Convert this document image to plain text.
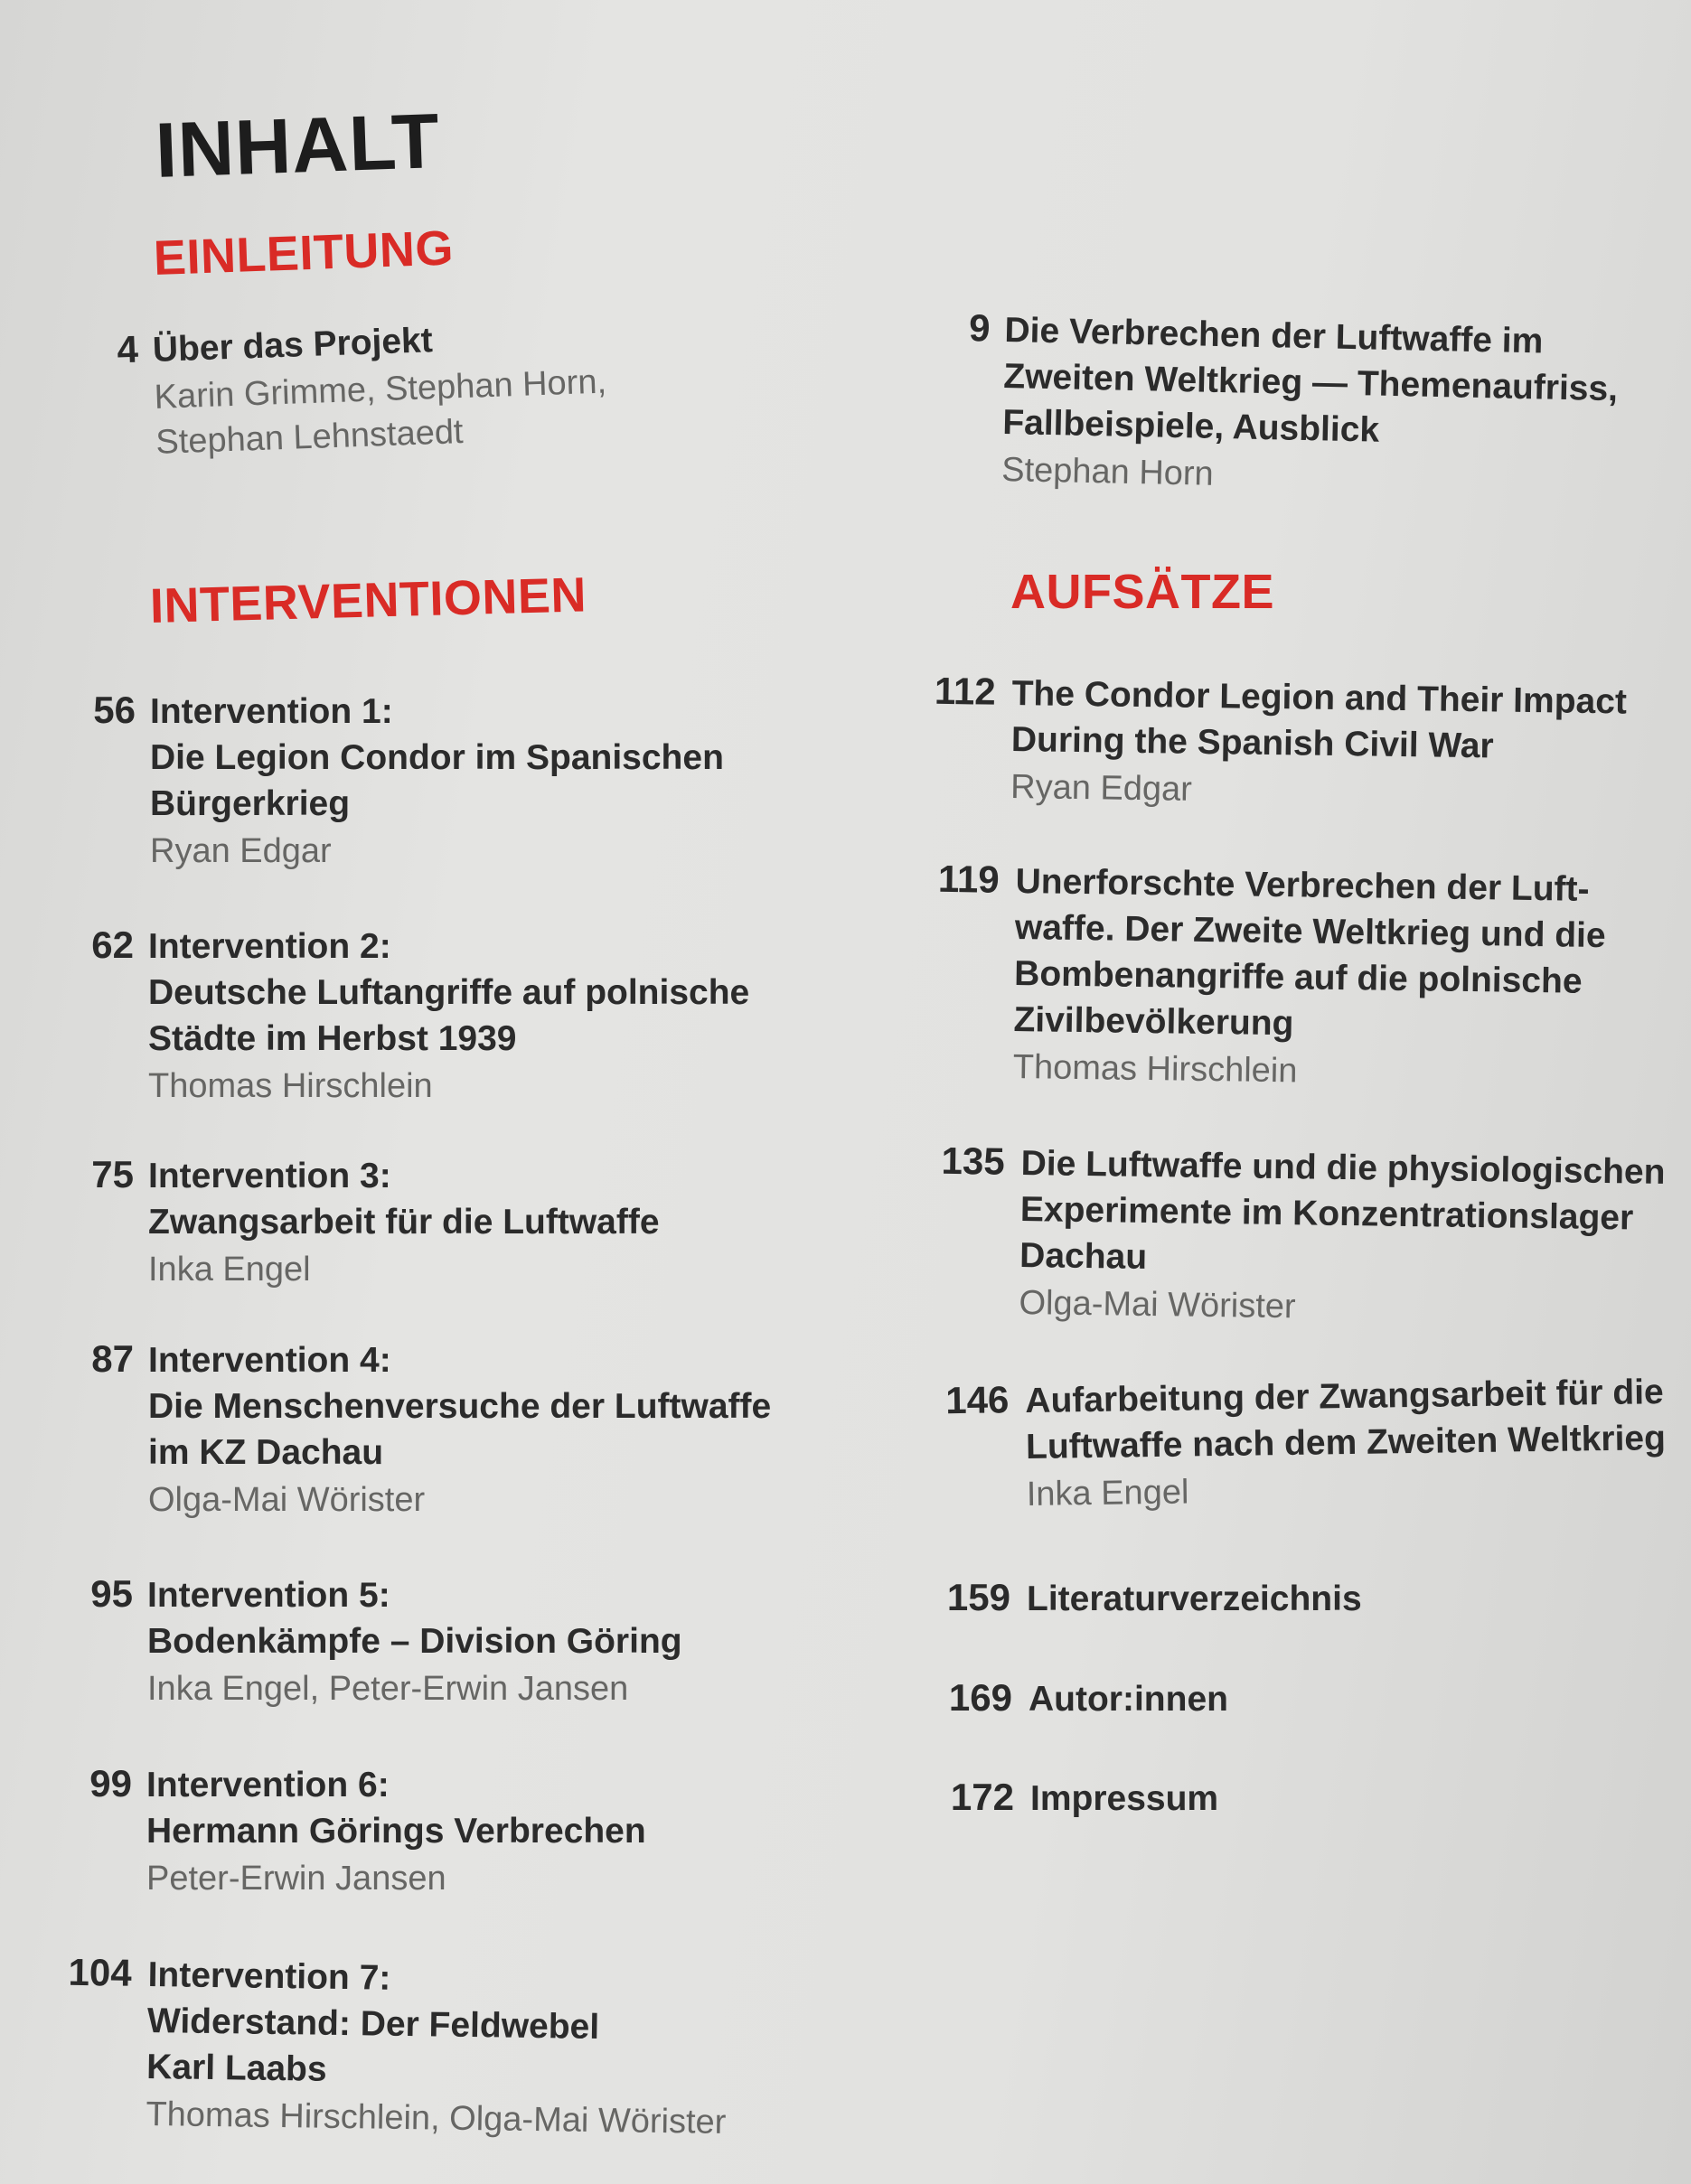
INHALT
EINLEITUNG
4 Über das Projekt
Karin Grimme, Stephan Horn,
Stephan Lehnstaedt
9 Die Verbrechen der Luftwaffe im
Zweiten Weltkrieg — Themenaufriss,
Fallbeispiele, Ausblick
Stephan Horn
INTERVENTIONEN
56 Intervention 1:
Die Legion Condor im Spanischen
Bürgerkrieg
Ryan Edgar
62 Intervention 2:
Deutsche Luftangriffe auf polnische
Städte im Herbst 1939
Thomas Hirschlein
75 Intervention 3:
Zwangsarbeit für die Luftwaffe
Inka Engel
87 Intervention 4:
Die Menschenversuche der Luftwaffe
im KZ Dachau
Olga-Mai Wörister
95 Intervention 5:
Bodenkämpfe – Division Göring
Inka Engel, Peter-Erwin Jansen
99 Intervention 6:
Hermann Görings Verbrechen
Peter-Erwin Jansen
104 Intervention 7:
Widerstand: Der Feldwebel
Karl Laabs
Thomas Hirschlein, Olga-Mai Wörister
AUFSÄTZE
112 The Condor Legion and Their Impact
During the Spanish Civil War
Ryan Edgar
119 Unerforschte Verbrechen der Luft-
waffe. Der Zweite Weltkrieg und die
Bombenangriffe auf die polnische
Zivilbevölkerung
Thomas Hirschlein
135 Die Luftwaffe und die physiologischen
Experimente im Konzentrationslager
Dachau
Olga-Mai Wörister
146 Aufarbeitung der Zwangsarbeit für die
Luftwaffe nach dem Zweiten Weltkrieg
Inka Engel
159 Literaturverzeichnis
169 Autor:innen
172 Impressum
